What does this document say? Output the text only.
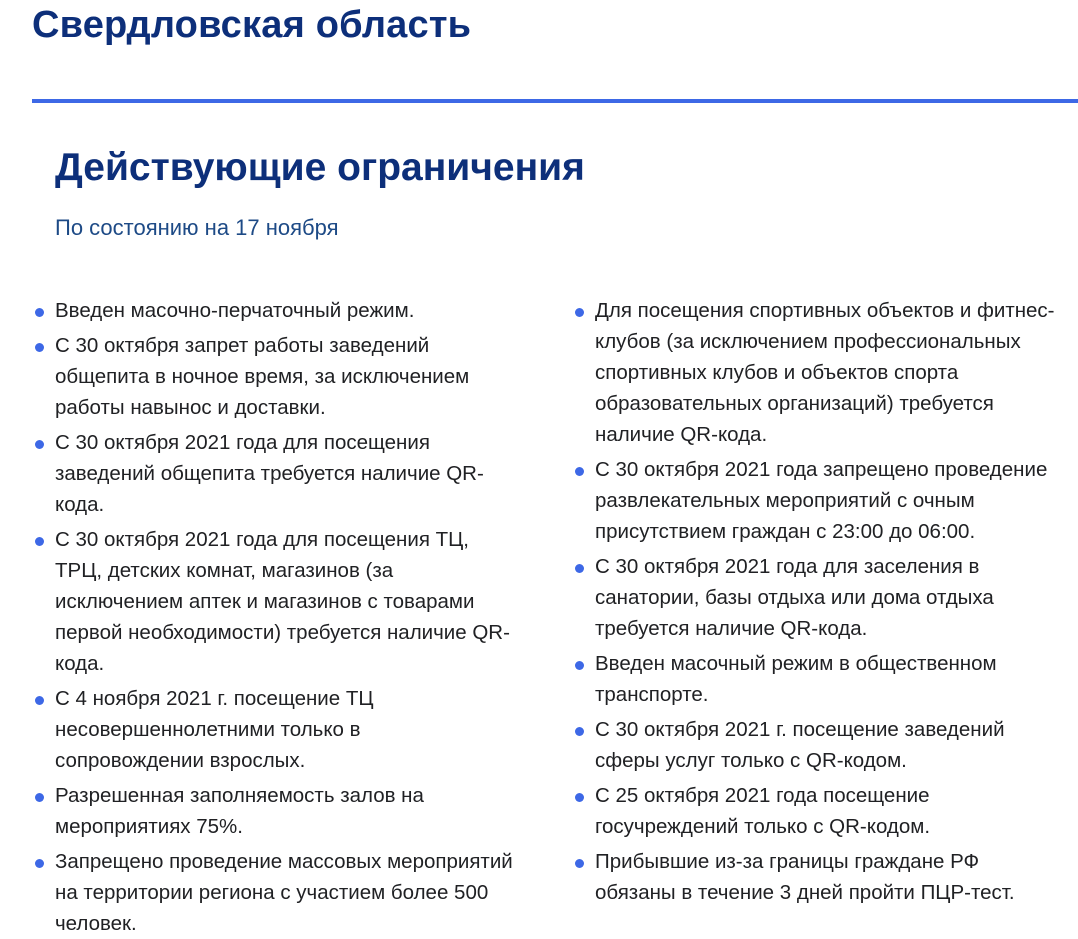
Свердловская область
Действующие ограничения

По состоянию на 17 ноября

Введен масочно-перчаточный режим.
С 30 октября запрет работы заведений общепита в ночное время, за исключением работы навынос и доставки.
С 30 октября 2021 года для посещения заведений общепита требуется наличие QR-кода.
С 30 октября 2021 года для посещения ТЦ, ТРЦ, детских комнат, магазинов (за исключением аптек и магазинов с товарами первой необходимости) требуется наличие QR-кода.
С 4 ноября 2021 г. посещение ТЦ несовершеннолетними только в сопровождении взрослых.
Разрешенная заполняемость залов на мероприятиях 75%.
Запрещено проведение массовых мероприятий на территории региона с участием более 500 человек.
Для посещения спортивных объектов и фитнес-клубов (за исключением профессиональных спортивных клубов и объектов спорта образовательных организаций) требуется наличие QR-кода.
С 30 октября 2021 года запрещено проведение развлекательных мероприятий с очным присутствием граждан с 23:00 до 06:00.
С 30 октября 2021 года для заселения в санатории, базы отдыха или дома отдыха требуется наличие QR-кода.
Введен масочный режим в общественном транспорте.
С 30 октября 2021 г. посещение заведений сферы услуг только с QR-кодом.
С 25 октября 2021 года посещение госучреждений только с QR-кодом.
Прибывшие из-за границы граждане РФ обязаны в течение 3 дней пройти ПЦР-тест.
